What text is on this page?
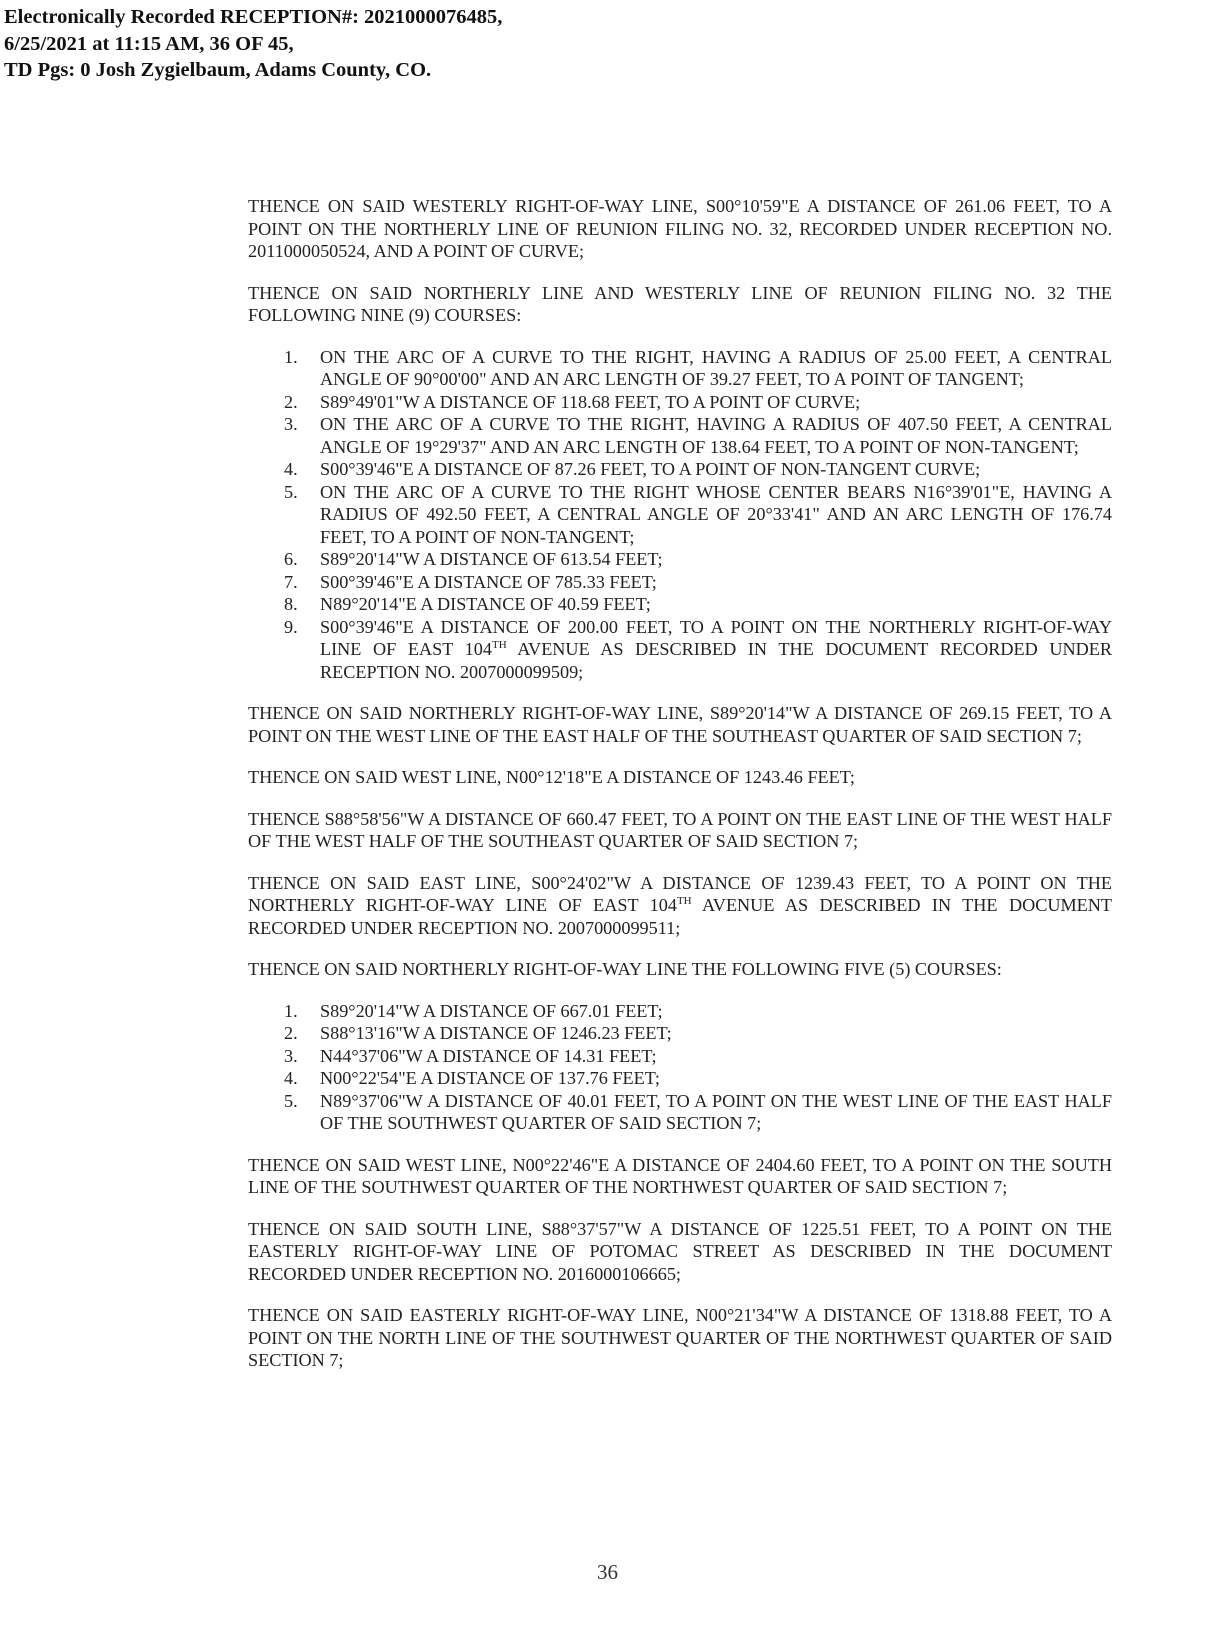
Electronically Recorded RECEPTION#: 2021000076485,
6/25/2021 at 11:15 AM, 36 OF 45,
TD Pgs: 0 Josh Zygielbaum, Adams County, CO.

THENCE ON SAID WESTERLY RIGHT-OF-WAY LINE, S00°10'59"E A DISTANCE OF 261.06 FEET, TO A POINT ON THE NORTHERLY LINE OF REUNION FILING NO. 32, RECORDED UNDER RECEPTION NO. 2011000050524, AND A POINT OF CURVE;

THENCE ON SAID NORTHERLY LINE AND WESTERLY LINE OF REUNION FILING NO. 32 THE FOLLOWING NINE (9) COURSES:

1. ON THE ARC OF A CURVE TO THE RIGHT, HAVING A RADIUS OF 25.00 FEET, A CENTRAL ANGLE OF 90°00'00" AND AN ARC LENGTH OF 39.27 FEET, TO A POINT OF TANGENT;
2. S89°49'01"W A DISTANCE OF 118.68 FEET, TO A POINT OF CURVE;
3. ON THE ARC OF A CURVE TO THE RIGHT, HAVING A RADIUS OF 407.50 FEET, A CENTRAL ANGLE OF 19°29'37" AND AN ARC LENGTH OF 138.64 FEET, TO A POINT OF NON-TANGENT;
4. S00°39'46"E A DISTANCE OF 87.26 FEET, TO A POINT OF NON-TANGENT CURVE;
5. ON THE ARC OF A CURVE TO THE RIGHT WHOSE CENTER BEARS N16°39'01"E, HAVING A RADIUS OF 492.50 FEET, A CENTRAL ANGLE OF 20°33'41" AND AN ARC LENGTH OF 176.74 FEET, TO A POINT OF NON-TANGENT;
6. S89°20'14"W A DISTANCE OF 613.54 FEET;
7. S00°39'46"E A DISTANCE OF 785.33 FEET;
8. N89°20'14"E A DISTANCE OF 40.59 FEET;
9. S00°39'46"E A DISTANCE OF 200.00 FEET, TO A POINT ON THE NORTHERLY RIGHT-OF-WAY LINE OF EAST 104TH AVENUE AS DESCRIBED IN THE DOCUMENT RECORDED UNDER RECEPTION NO. 2007000099509;

THENCE ON SAID NORTHERLY RIGHT-OF-WAY LINE, S89°20'14"W A DISTANCE OF 269.15 FEET, TO A POINT ON THE WEST LINE OF THE EAST HALF OF THE SOUTHEAST QUARTER OF SAID SECTION 7;

THENCE ON SAID WEST LINE, N00°12'18"E A DISTANCE OF 1243.46 FEET;

THENCE S88°58'56"W A DISTANCE OF 660.47 FEET, TO A POINT ON THE EAST LINE OF THE WEST HALF OF THE WEST HALF OF THE SOUTHEAST QUARTER OF SAID SECTION 7;

THENCE ON SAID EAST LINE, S00°24'02"W A DISTANCE OF 1239.43 FEET, TO A POINT ON THE NORTHERLY RIGHT-OF-WAY LINE OF EAST 104TH AVENUE AS DESCRIBED IN THE DOCUMENT RECORDED UNDER RECEPTION NO. 2007000099511;

THENCE ON SAID NORTHERLY RIGHT-OF-WAY LINE THE FOLLOWING FIVE (5) COURSES:

1. S89°20'14"W A DISTANCE OF 667.01 FEET;
2. S88°13'16"W A DISTANCE OF 1246.23 FEET;
3. N44°37'06"W A DISTANCE OF 14.31 FEET;
4. N00°22'54"E A DISTANCE OF 137.76 FEET;
5. N89°37'06"W A DISTANCE OF 40.01 FEET, TO A POINT ON THE WEST LINE OF THE EAST HALF OF THE SOUTHWEST QUARTER OF SAID SECTION 7;

THENCE ON SAID WEST LINE, N00°22'46"E A DISTANCE OF 2404.60 FEET, TO A POINT ON THE SOUTH LINE OF THE SOUTHWEST QUARTER OF THE NORTHWEST QUARTER OF SAID SECTION 7;

THENCE ON SAID SOUTH LINE, S88°37'57"W A DISTANCE OF 1225.51 FEET, TO A POINT ON THE EASTERLY RIGHT-OF-WAY LINE OF POTOMAC STREET AS DESCRIBED IN THE DOCUMENT RECORDED UNDER RECEPTION NO. 2016000106665;

THENCE ON SAID EASTERLY RIGHT-OF-WAY LINE, N00°21'34"W A DISTANCE OF 1318.88 FEET, TO A POINT ON THE NORTH LINE OF THE SOUTHWEST QUARTER OF THE NORTHWEST QUARTER OF SAID SECTION 7;

36
